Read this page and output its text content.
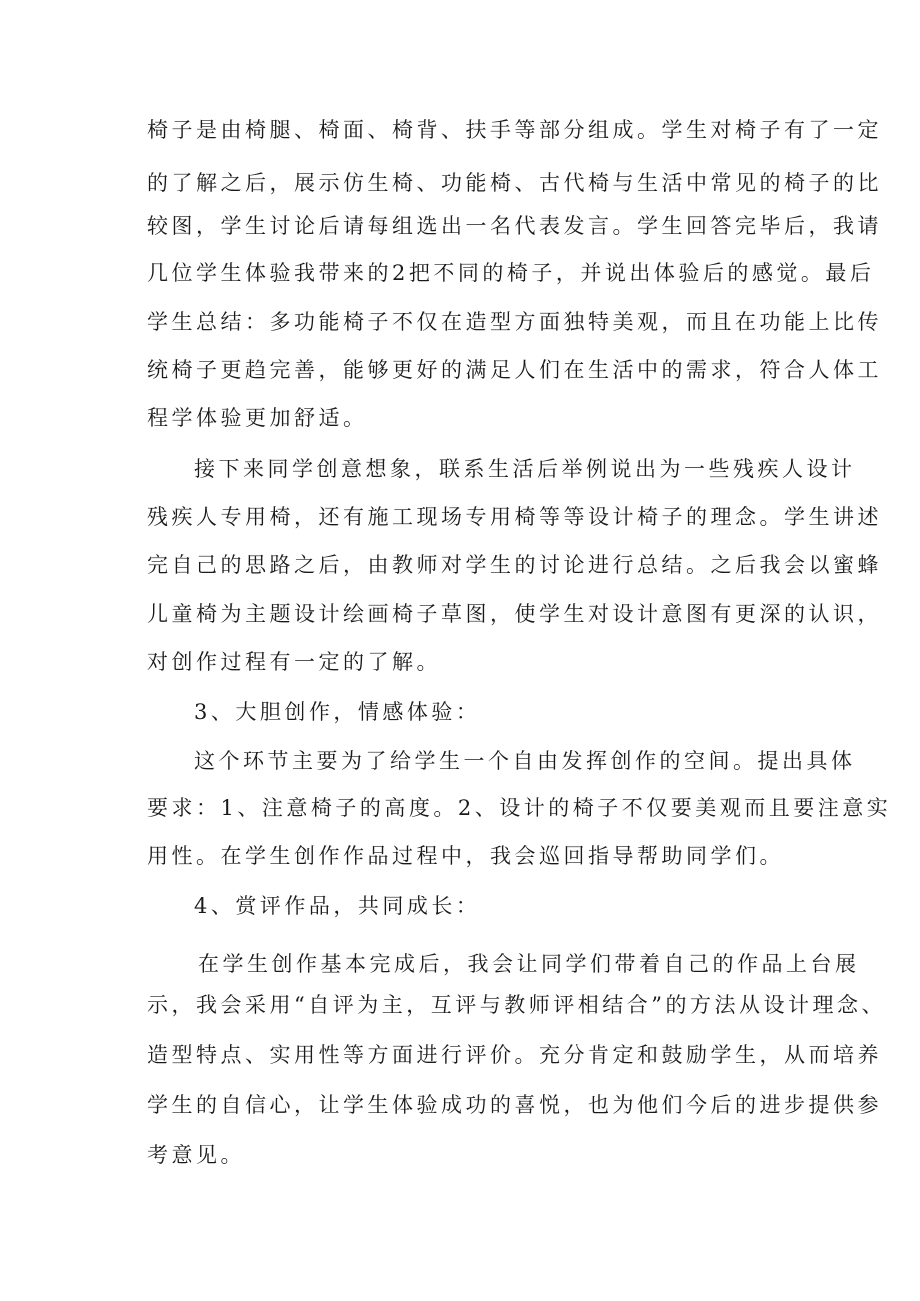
椅子是由椅腿、椅面、椅背、扶手等部分组成。学生对椅子有了一定
的了解之后，展示仿生椅、功能椅、古代椅与生活中常见的椅子的比
较图，学生讨论后请每组选出一名代表发言。学生回答完毕后，我请
几位学生体验我带来的2把不同的椅子，并说出体验后的感觉。最后
学生总结：多功能椅子不仅在造型方面独特美观，而且在功能上比传
统椅子更趋完善，能够更好的满足人们在生活中的需求，符合人体工
程学体验更加舒适。
接下来同学创意想象，联系生活后举例说出为一些残疾人设计
残疾人专用椅，还有施工现场专用椅等等设计椅子的理念。学生讲述
完自己的思路之后，由教师对学生的讨论进行总结。之后我会以蜜蜂
儿童椅为主题设计绘画椅子草图，使学生对设计意图有更深的认识，
对创作过程有一定的了解。
3、大胆创作，情感体验：
这个环节主要为了给学生一个自由发挥创作的空间。提出具体
要求：1、注意椅子的高度。2、设计的椅子不仅要美观而且要注意实
用性。在学生创作作品过程中，我会巡回指导帮助同学们。
4、赏评作品，共同成长：
在学生创作基本完成后，我会让同学们带着自己的作品上台展
示，我会采用“自评为主，互评与教师评相结合”的方法从设计理念、
造型特点、实用性等方面进行评价。充分肯定和鼓励学生，从而培养
学生的自信心，让学生体验成功的喜悦，也为他们今后的进步提供参
考意见。
